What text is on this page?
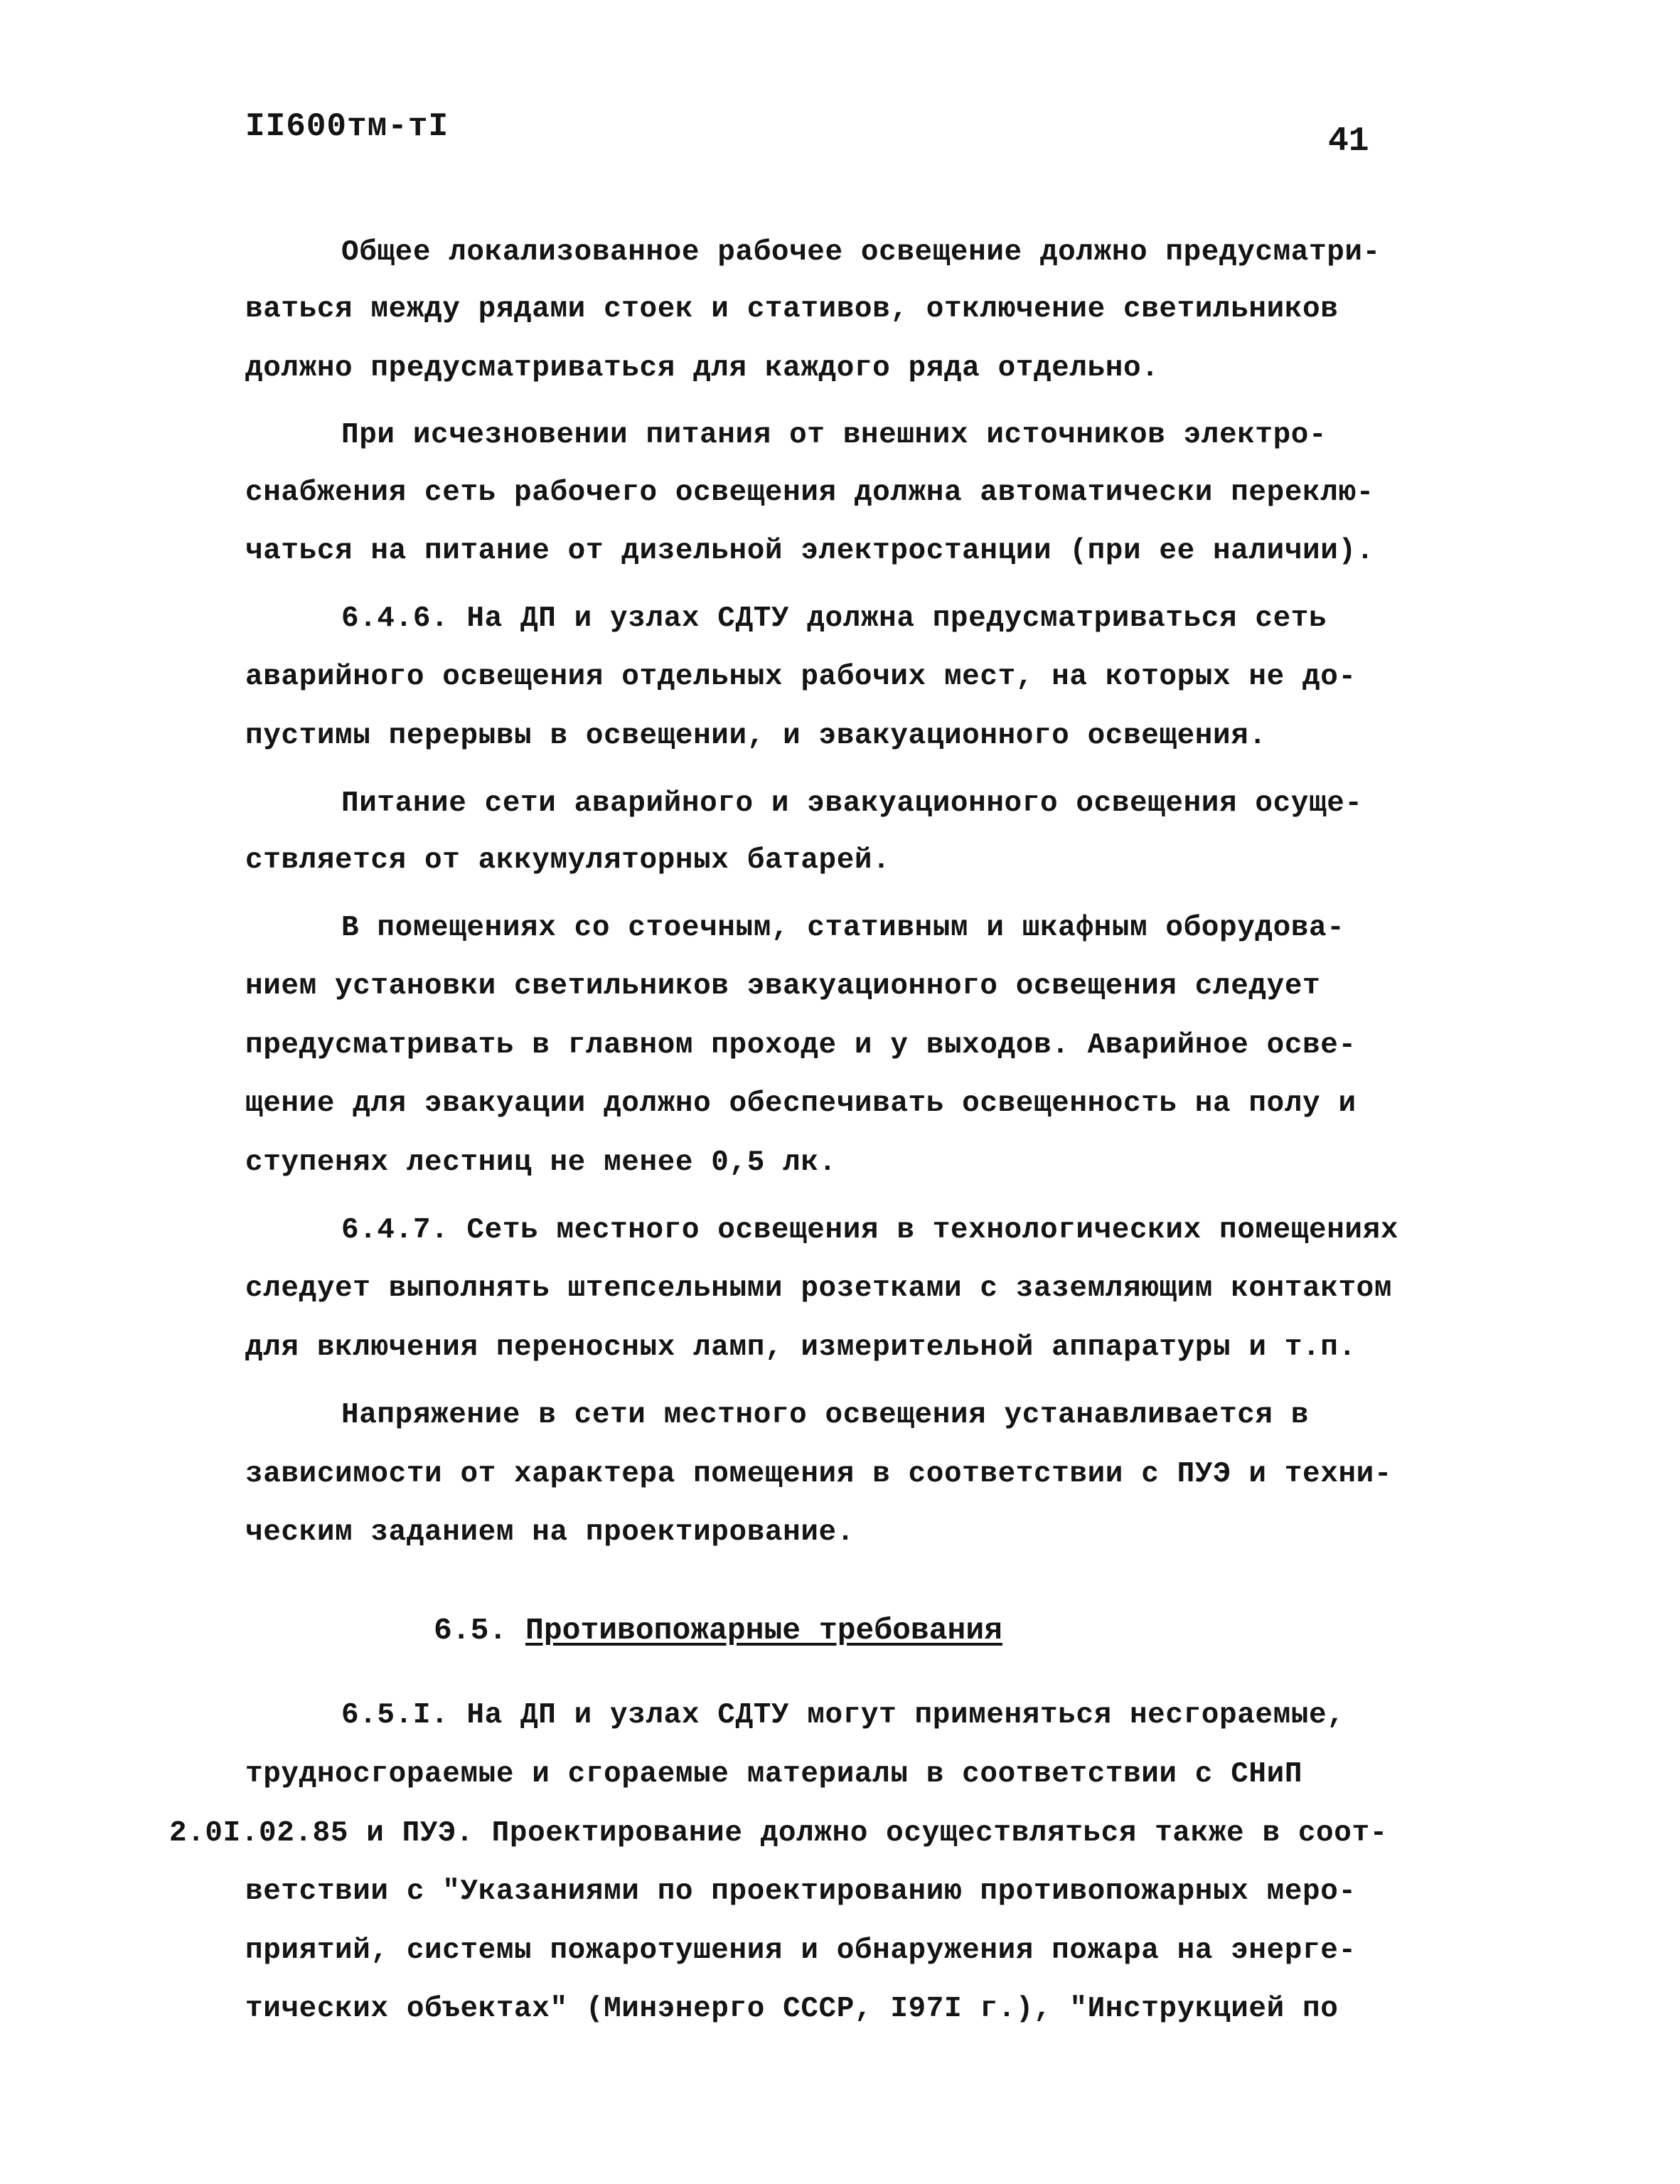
II600тм-тI	41
Общее локализованное рабочее освещение должно предусматри-
ваться между рядами стоек и стативов, отключение светильников
должно предусматриваться для каждого ряда отдельно.
При исчезновении питания от внешних источников электро-
снабжения сеть рабочего освещения должна автоматически переклю-
чаться на питание от дизельной электростанции (при ее наличии).
6.4.6. На ДП и узлах СДТУ должна предусматриваться сеть
аварийного освещения отдельных рабочих мест, на которых не до-
пустимы перерывы в освещении, и эвакуационного освещения.
Питание сети аварийного и эвакуационного освещения осуще-
ствляется от аккумуляторных батарей.
В помещениях со стоечным, стативным и шкафным оборудова-
нием установки светильников эвакуационного освещения следует
предусматривать в главном проходе и у выходов. Аварийное осве-
щение для эвакуации должно обеспечивать освещенность на полу и
ступенях лестниц не менее 0,5 лк.
6.4.7. Сеть местного освещения в технологических помещениях
следует выполнять штепсельными розетками с заземляющим контактом
для включения переносных ламп, измерительной аппаратуры и т.п.
Напряжение в сети местного освещения устанавливается в
зависимости от характера помещения в соответствии с ПУЭ и техни-
ческим заданием на проектирование.
6.5. Противопожарные требования
6.5.I. На ДП и узлах СДТУ могут применяться несгораемые,
трудносгораемые и сгораемые материалы в соответствии с СНиП
2.0I.02.85 и ПУЭ. Проектирование должно осуществляться также в соот-
ветствии с "Указаниями по проектированию противопожарных меро-
приятий, системы пожаротушения и обнаружения пожара на энерге-
тических объектах" (Минэнерго СССР, I97I г.), "Инструкцией по
